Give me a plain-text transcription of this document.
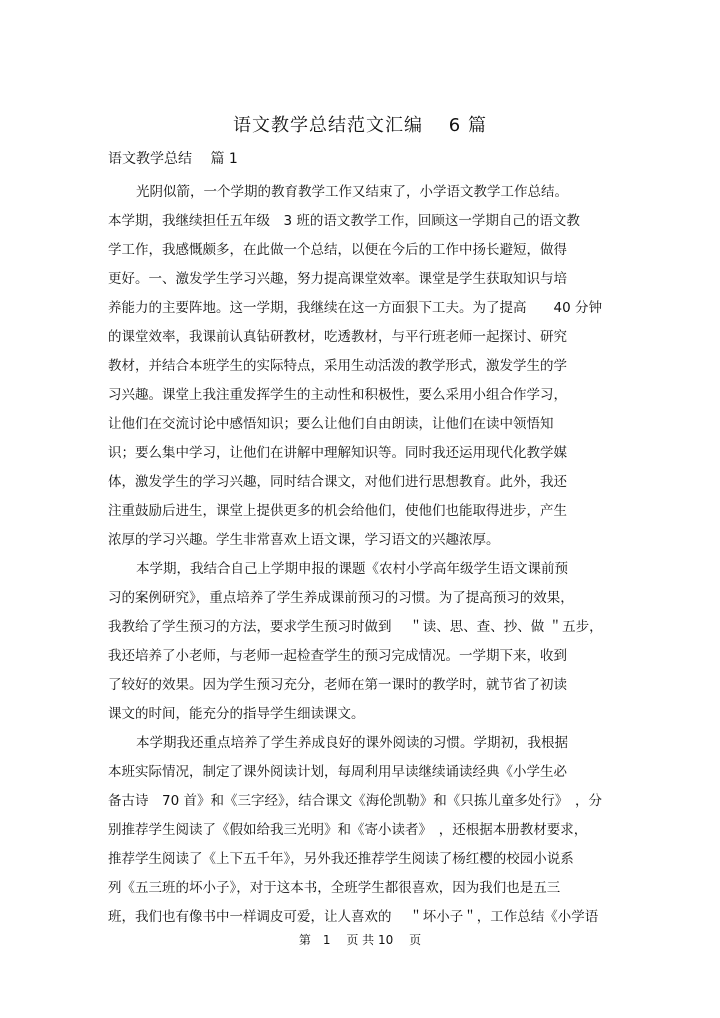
语文教学总结范文汇编　 6 篇
语文教学总结　 篇 1
光阴似箭，一个学期的教育教学工作又结束了，小学语文教学工作总结。
本学期，我继续担任五年级　3 班的语文教学工作，回顾这一学期自己的语文教
学工作，我感慨颇多，在此做一个总结，以便在今后的工作中扬长避短，做得
更好。一、激发学生学习兴趣，努力提高课堂效率。课堂是学生获取知识与培
养能力的主要阵地。这一学期，我继续在这一方面狠下工夫。为了提高　　40 分钟
的课堂效率，我课前认真钻研教材，吃透教材，与平行班老师一起探讨、研究
教材，并结合本班学生的实际特点，采用生动活泼的教学形式，激发学生的学
习兴趣。课堂上我注重发挥学生的主动性和积极性，要么采用小组合作学习，
让他们在交流讨论中感悟知识；要么让他们自由朗读，让他们在读中领悟知
识；要么集中学习，让他们在讲解中理解知识等。同时我还运用现代化教学媒
体，激发学生的学习兴趣，同时结合课文，对他们进行思想教育。此外，我还
注重鼓励后进生，课堂上提供更多的机会给他们，使他们也能取得进步，产生
浓厚的学习兴趣。学生非常喜欢上语文课，学习语文的兴趣浓厚。
本学期，我结合自己上学期申报的课题《农村小学高年级学生语文课前预
习的案例研究》，重点培养了学生养成课前预习的习惯。为了提高预习的效果，
我教给了学生预习的方法，要求学生预习时做到　 ＂读、思、查、抄、做 ＂五步，
我还培养了小老师，与老师一起检查学生的预习完成情况。一学期下来，收到
了较好的效果。因为学生预习充分，老师在第一课时的教学时，就节省了初读
课文的时间，能充分的指导学生细读课文。
本学期我还重点培养了学生养成良好的课外阅读的习惯。学期初，我根据
本班实际情况，制定了课外阅读计划，每周利用早读继续诵读经典《小学生必
备古诗　70 首》和《三字经》，结合课文《海伦凯勒》和《只拣儿童多处行》　，分
别推荐学生阅读了《假如给我三光明》和《寄小读者》　，还根据本册教材要求，
推荐学生阅读了《上下五千年》，另外我还推荐学生阅读了杨红樱的校园小说系
列《五三班的坏小子》，对于这本书，全班学生都很喜欢，因为我们也是五三
班，我们也有像书中一样调皮可爱，让人喜欢的　 ＂坏小子＂，工作总结《小学语
第　1　 页 共 10　 页
